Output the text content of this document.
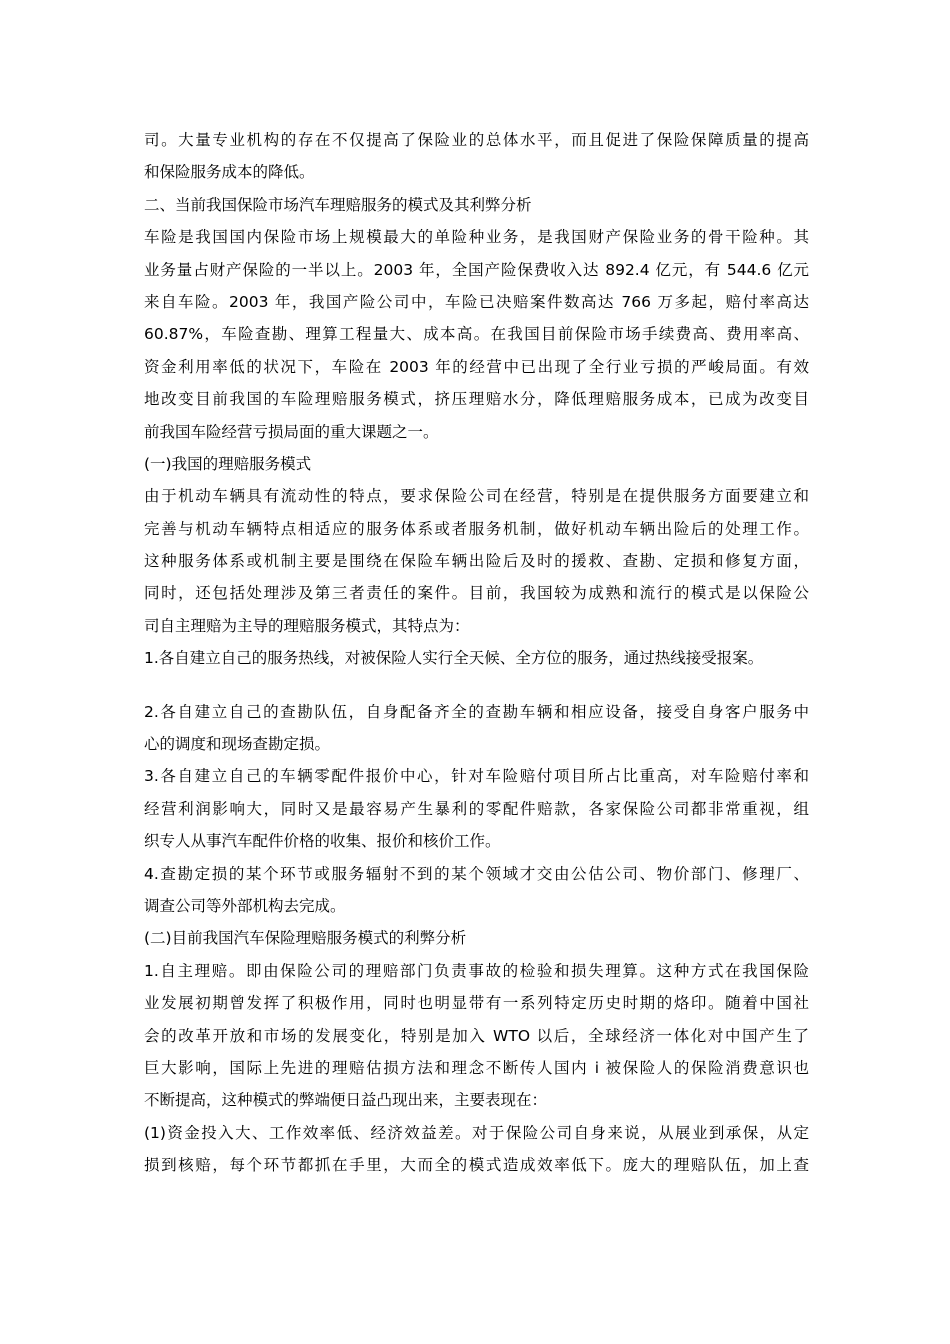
司。大量专业机构的存在不仅提高了保险业的总体水平，而且促进了保险保障质量的提高
和保险服务成本的降低。
二、当前我国保险市场汽车理赔服务的模式及其利弊分析
车险是我国国内保险市场上规模最大的单险种业务，是我国财产保险业务的骨干险种。其
业务量占财产保险的一半以上。2003 年，全国产险保费收入达 892.4 亿元，有 544.6 亿元
来自车险。2003 年，我国产险公司中，车险已决赔案件数高达 766 万多起，赔付率高达
60.87%，车险查勘、理算工程量大、成本高。在我国目前保险市场手续费高、费用率高、
资金利用率低的状况下，车险在 2003 年的经营中已出现了全行业亏损的严峻局面。有效
地改变目前我国的车险理赔服务模式，挤压理赔水分，降低理赔服务成本，已成为改变目
前我国车险经营亏损局面的重大课题之一。
(一)我国的理赔服务模式
由于机动车辆具有流动性的特点，要求保险公司在经营，特别是在提供服务方面要建立和
完善与机动车辆特点相适应的服务体系或者服务机制，做好机动车辆出险后的处理工作。
这种服务体系或机制主要是围绕在保险车辆出险后及时的援救、查勘、定损和修复方面，
同时，还包括处理涉及第三者责任的案件。目前，我国较为成熟和流行的模式是以保险公
司自主理赔为主导的理赔服务模式，其特点为：
1.各自建立自己的服务热线，对被保险人实行全天候、全方位的服务，通过热线接受报案。
2.各自建立自己的查勘队伍，自身配备齐全的查勘车辆和相应设备，接受自身客户服务中
心的调度和现场查勘定损。
3.各自建立自己的车辆零配件报价中心，针对车险赔付项目所占比重高，对车险赔付率和
经营利润影响大，同时又是最容易产生暴利的零配件赔款，各家保险公司都非常重视，组
织专人从事汽车配件价格的收集、报价和核价工作。
4.查勘定损的某个环节或服务辐射不到的某个领域才交由公估公司、物价部门、修理厂、
调查公司等外部机构去完成。
(二)目前我国汽车保险理赔服务模式的利弊分析
1.自主理赔。即由保险公司的理赔部门负责事故的检验和损失理算。这种方式在我国保险
业发展初期曾发挥了积极作用，同时也明显带有一系列特定历史时期的烙印。随着中国社
会的改革开放和市场的发展变化，特别是加入 WTO 以后，全球经济一体化对中国产生了
巨大影响，国际上先进的理赔估损方法和理念不断传人国内 i 被保险人的保险消费意识也
不断提高，这种模式的弊端便日益凸现出来，主要表现在：
(1)资金投入大、工作效率低、经济效益差。对于保险公司自身来说，从展业到承保，从定
损到核赔，每个环节都抓在手里，大而全的模式造成效率低下。庞大的理赔队伍，加上查
